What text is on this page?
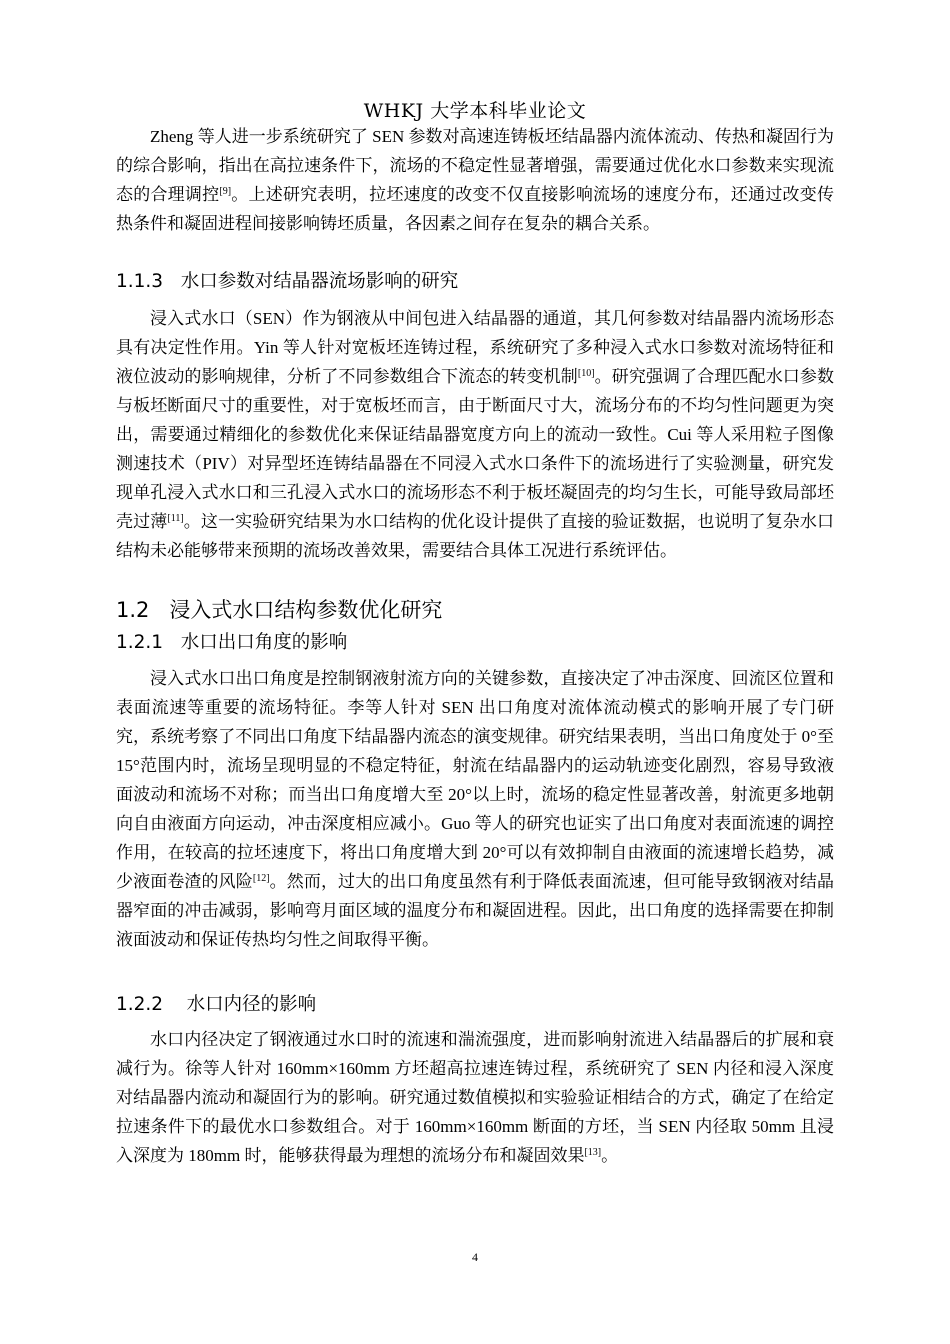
WHKJ 大学本科毕业论文

Zheng 等人进一步系统研究了 SEN 参数对高速连铸板坯结晶器内流体流动、传热和凝固行为的综合影响，指出在高拉速条件下，流场的不稳定性显著增强，需要通过优化水口参数来实现流态的合理调控[9]。上述研究表明，拉坯速度的改变不仅直接影响流场的速度分布，还通过改变传热条件和凝固进程间接影响铸坯质量，各因素之间存在复杂的耦合关系。

1.1.3 水口参数对结晶器流场影响的研究

浸入式水口（SEN）作为钢液从中间包进入结晶器的通道，其几何参数对结晶器内流场形态具有决定性作用。Yin 等人针对宽板坯连铸过程，系统研究了多种浸入式水口参数对流场特征和液位波动的影响规律，分析了不同参数组合下流态的转变机制[10]。研究强调了合理匹配水口参数与板坯断面尺寸的重要性，对于宽板坯而言，由于断面尺寸大，流场分布的不均匀性问题更为突出，需要通过精细化的参数优化来保证结晶器宽度方向上的流动一致性。Cui 等人采用粒子图像测速技术（PIV）对异型坯连铸结晶器在不同浸入式水口条件下的流场进行了实验测量，研究发现单孔浸入式水口和三孔浸入式水口的流场形态不利于板坯凝固壳的均匀生长，可能导致局部坯壳过薄[11]。这一实验研究结果为水口结构的优化设计提供了直接的验证数据，也说明了复杂水口结构未必能够带来预期的流场改善效果，需要结合具体工况进行系统评估。

1.2 浸入式水口结构参数优化研究
1.2.1 水口出口角度的影响

浸入式水口出口角度是控制钢液射流方向的关键参数，直接决定了冲击深度、回流区位置和表面流速等重要的流场特征。李等人针对 SEN 出口角度对流体流动模式的影响开展了专门研究，系统考察了不同出口角度下结晶器内流态的演变规律。研究结果表明，当出口角度处于 0°至 15°范围内时，流场呈现明显的不稳定特征，射流在结晶器内的运动轨迹变化剧烈，容易导致液面波动和流场不对称；而当出口角度增大至 20°以上时，流场的稳定性显著改善，射流更多地朝向自由液面方向运动，冲击深度相应减小。Guo 等人的研究也证实了出口角度对表面流速的调控作用，在较高的拉坯速度下，将出口角度增大到 20°可以有效抑制自由液面的流速增长趋势，减少液面卷渣的风险[12]。然而，过大的出口角度虽然有利于降低表面流速，但可能导致钢液对结晶器窄面的冲击减弱，影响弯月面区域的温度分布和凝固进程。因此，出口角度的选择需要在抑制液面波动和保证传热均匀性之间取得平衡。

1.2.2 水口内径的影响

水口内径决定了钢液通过水口时的流速和湍流强度，进而影响射流进入结晶器后的扩展和衰减行为。徐等人针对 160mm×160mm 方坯超高拉速连铸过程，系统研究了 SEN 内径和浸入深度对结晶器内流动和凝固行为的影响。研究通过数值模拟和实验验证相结合的方式，确定了在给定拉速条件下的最优水口参数组合。对于 160mm×160mm 断面的方坯，当 SEN 内径取 50mm 且浸入深度为 180mm 时，能够获得最为理想的流场分布和凝固效果[13]。

4
